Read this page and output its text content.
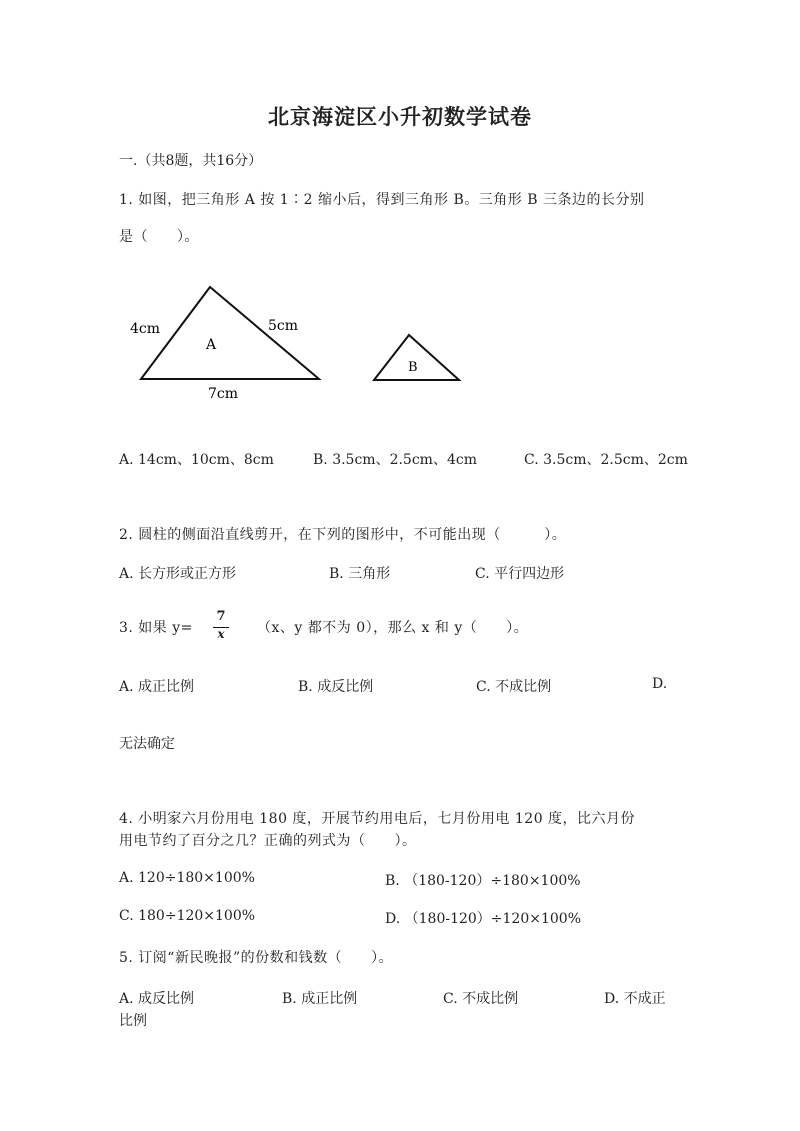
北京海淀区小升初数学试卷
一.（共8题，共16分）
1. 如图，把三角形 A 按 1∶2 缩小后，得到三角形 B。三角形 B 三条边的长分别
是（　　）。
4cm	5cm
7cm
A
B
A. 14cm、10cm、8cm	B. 3.5cm、2.5cm、4cm	C. 3.5cm、2.5cm、2cm
2. 圆柱的侧面沿直线剪开，在下列的图形中，不可能出现（　　　）。
A. 长方形或正方形	B. 三角形	C. 平行四边形
3. 如果 y=
7
x	（x、y 都不为 0），那么 x 和 y（　　）。
A. 成正比例	B. 成反比例	C. 不成比例	D.
无法确定
4. 小明家六月份用电 180 度，开展节约用电后，七月份用电 120 度，比六月份
用电节约了百分之几？正确的列式为（　　）。
A. 120÷180×100%	B. （180-120）÷180×100%
C. 180÷120×100%	D. （180-120）÷120×100%
5. 订阅“新民晚报”的份数和钱数（　　）。
A. 成反比例	B. 成正比例	C. 不成比例	D. 不成正
比例
